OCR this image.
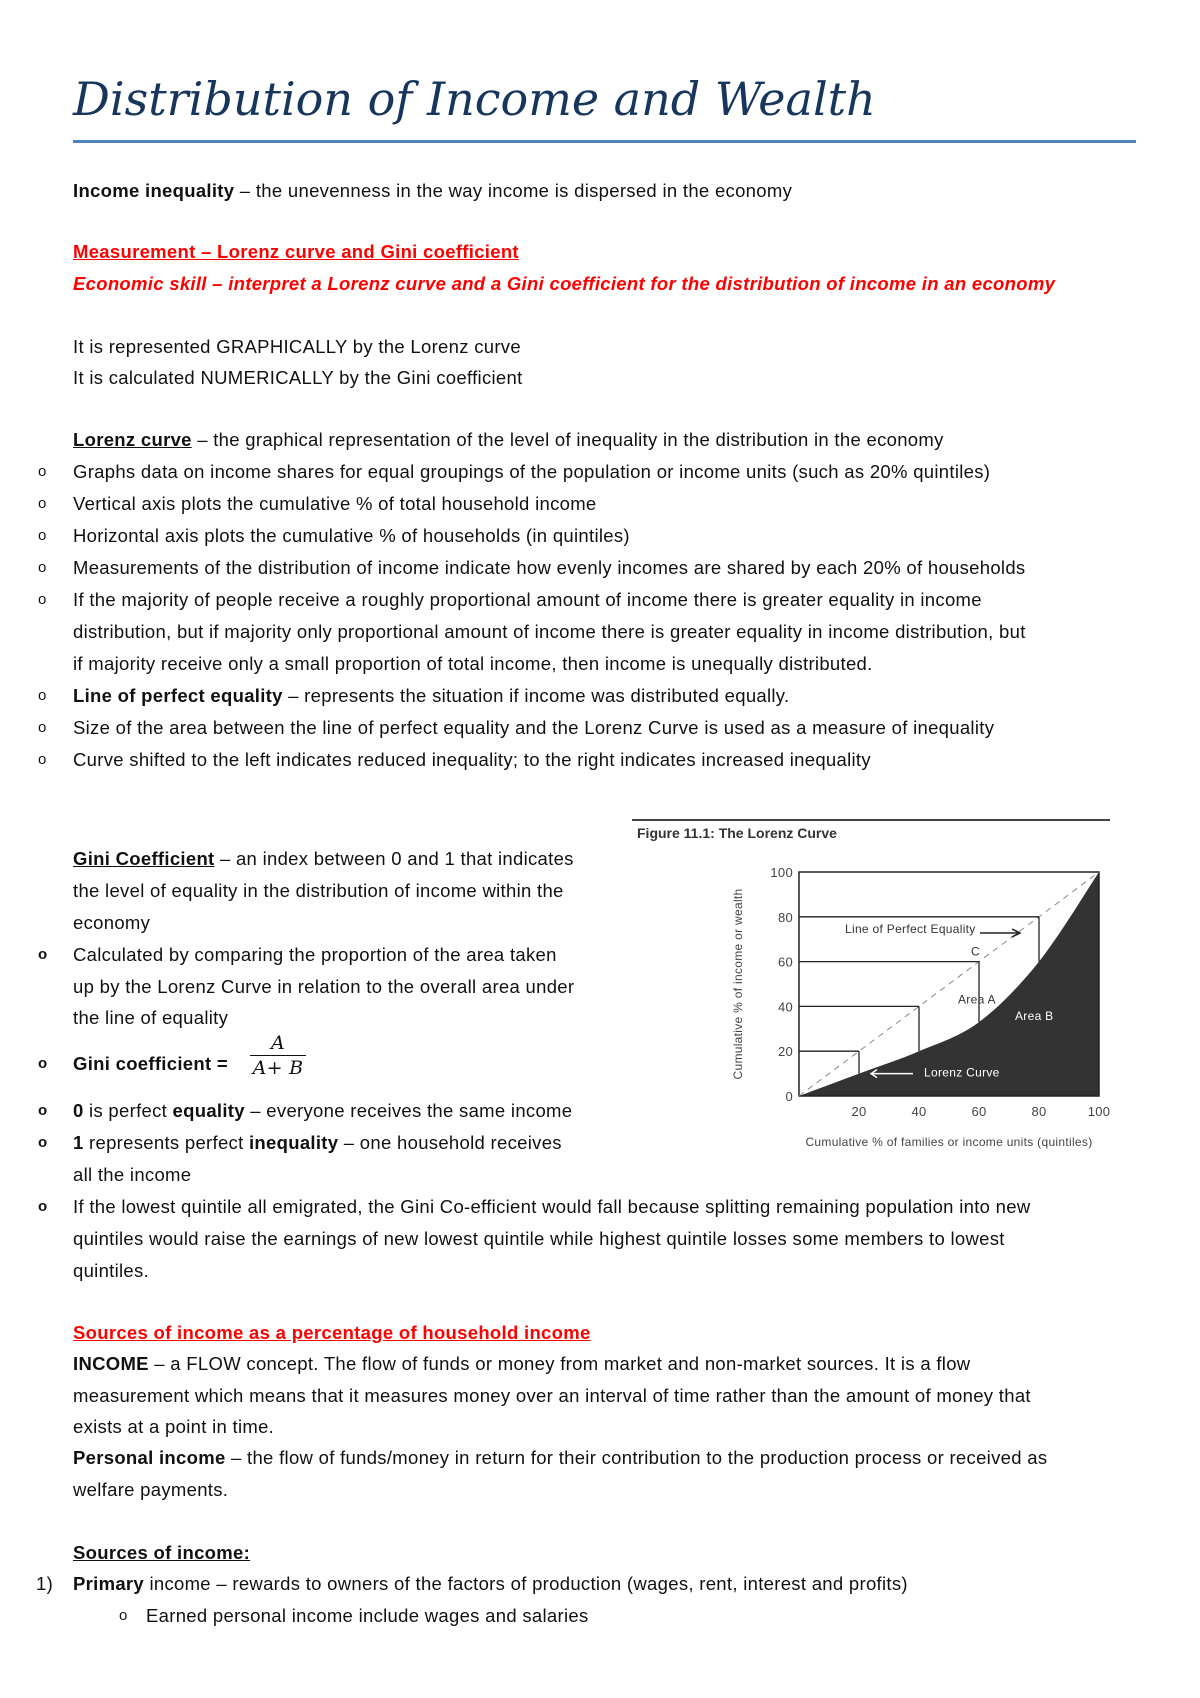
Distribution of Income and Wealth
Income inequality – the unevenness in the way income is dispersed in the economy
Measurement – Lorenz curve and Gini coefficient
Economic skill – interpret a Lorenz curve and a Gini coefficient for the distribution of income in an economy
It is represented GRAPHICALLY by the Lorenz curve
It is calculated NUMERICALLY by the Gini coefficient
Lorenz curve – the graphical representation of the level of inequality in the distribution in the economy
Figure 11.1: The Lorenz Curve
0
20
40
60
80
100
20	40	60	80	100
Cumulative % of families or income units (quintiles)
Cumulative % of income or wealth	Line of Perfect Equality
C
Area A
Area B
Lorenz Curve
Gini Coefficient – an index between 0 and 1 that indicates
the level of equality in the distribution of income within the
economy
o Calculated by comparing the proportion of the area taken
up by the Lorenz Curve in relation to the overall area under
the line of equality
o Gini coefficient =
A
A+ B
o 0 is perfect equality – everyone receives the same income
o 1 represents perfect inequality – one household receives
all the income
o If the lowest quintile all emigrated, the Gini Co-efficient would fall because splitting remaining population into new
quintiles would raise the earnings of new lowest quintile while highest quintile losses some members to lowest
quintiles.
Sources of income as a percentage of household income
INCOME – a FLOW concept. The flow of funds or money from market and non-market sources. It is a flow
measurement which means that it measures money over an interval of time rather than the amount of money that
exists at a point in time.
Personal income – the flow of funds/money in return for their contribution to the production process or received as
welfare payments.
Sources of income:
1) Primary income – rewards to owners of the factors of production (wages, rent, interest and profits)
o Earned personal income include wages and salaries
o Graphs data on income shares for equal groupings of the population or income units (such as 20% quintiles)
o Vertical axis plots the cumulative % of total household income
o Horizontal axis plots the cumulative % of households (in quintiles)
o Measurements of the distribution of income indicate how evenly incomes are shared by each 20% of households
o If the majority of people receive a roughly proportional amount of income there is greater equality in income
distribution, but if majority only proportional amount of income there is greater equality in income distribution, but
if majority receive only a small proportion of total income, then income is unequally distributed.
o Line of perfect equality – represents the situation if income was distributed equally.
o Size of the area between the line of perfect equality and the Lorenz Curve is used as a measure of inequality
o Curve shifted to the left indicates reduced inequality; to the right indicates increased inequality
